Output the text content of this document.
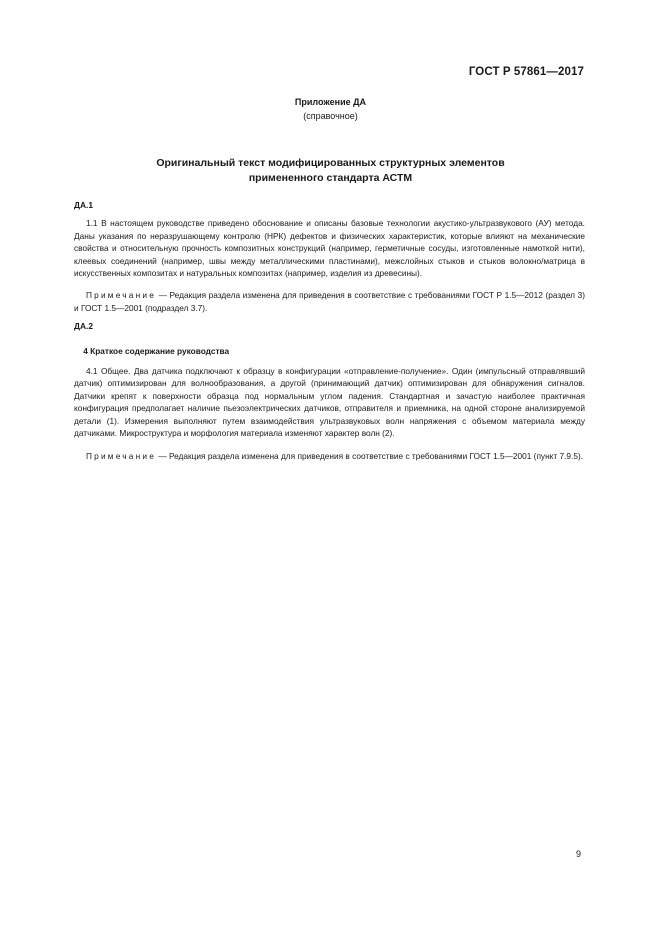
ГОСТ Р 57861—2017
Приложение ДА
(справочное)
Оригинальный текст модифицированных структурных элементов
примененного стандарта АСТМ
ДА.1

1.1 В настоящем руководстве приведено обоснование и описаны базовые технологии акустико-ультразвукового (АУ) метода. Даны указания по неразрушающему контролю (НРК) дефектов и физических характеристик, которые влияют на механические свойства и относительную прочность композитных конструкций (например, герметичные сосуды, изготовленные намоткой нити), клеевых соединений (например, швы между металлическими пластинами), межслойных стыков и стыков волокно/матрица в искусственных композитах и натуральных композитах (например, изделия из древесины).

Примечание — Редакция раздела изменена для приведения в соответствие с требованиями ГОСТ Р 1.5—2012 (раздел 3) и ГОСТ 1.5—2001 (подраздел 3.7).

ДА.2
4 Краткое содержание руководства

4.1 Общее. Два датчика подключают к образцу в конфигурации «отправление-получение». Один (импульсный отправлявший датчик) оптимизирован для волнообразования, а другой (принимающий датчик) оптимизирован для обнаружения сигналов. Датчики крепят к поверхности образца под нормальным углом падения. Стандартная и зачастую наиболее практичная конфигурация предполагает наличие пьезоэлектрических датчиков, отправителя и приемника, на одной стороне анализируемой детали (1). Измерения выполняют путем взаимодействия ультразвуковых волн напряжения с объемом материала между датчиками. Микроструктура и морфология материала изменяют характер волн (2).

Примечание — Редакция раздела изменена для приведения в соответствие с требованиями ГОСТ 1.5—2001 (пункт 7.9.5).

9
